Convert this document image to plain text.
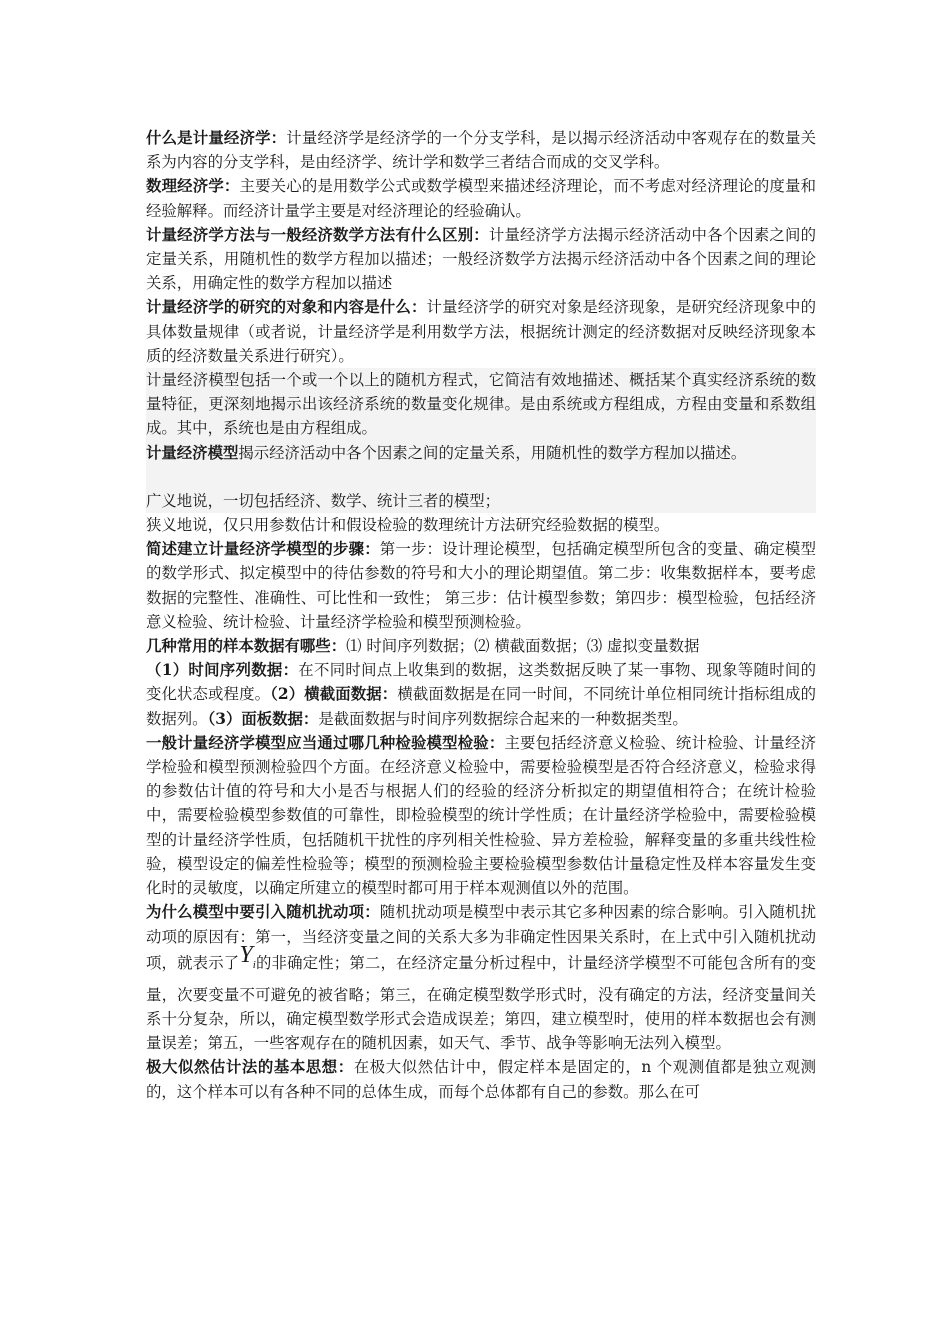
什么是计量经济学：计量经济学是经济学的一个分支学科，是以揭示经济活动中客观存在的数量关系为内容的分支学科，是由经济学、统计学和数学三者结合而成的交叉学科。

数理经济学：主要关心的是用数学公式或数学模型来描述经济理论，而不考虑对经济理论的度量和经验解释。而经济计量学主要是对经济理论的经验确认。

计量经济学方法与一般经济数学方法有什么区别：计量经济学方法揭示经济活动中各个因素之间的定量关系，用随机性的数学方程加以描述；一般经济数学方法揭示经济活动中各个因素之间的理论关系，用确定性的数学方程加以描述

计量经济学的研究的对象和内容是什么：计量经济学的研究对象是经济现象，是研究经济现象中的具体数量规律（或者说，计量经济学是利用数学方法，根据统计测定的经济数据对反映经济现象本质的经济数量关系进行研究）。

计量经济模型包括一个或一个以上的随机方程式，它简洁有效地描述、概括某个真实经济系统的数量特征，更深刻地揭示出该经济系统的数量变化规律。是由系统或方程组成，方程由变量和系数组成。其中，系统也是由方程组成。

计量经济模型揭示经济活动中各个因素之间的定量关系，用随机性的数学方程加以描述。

广义地说，一切包括经济、数学、统计三者的模型；

狭义地说，仅只用参数估计和假设检验的数理统计方法研究经验数据的模型。

简述建立计量经济学模型的步骤：第一步：设计理论模型，包括确定模型所包含的变量、确定模型的数学形式、拟定模型中的待估参数的符号和大小的理论期望值。第二步：收集数据样本，要考虑数据的完整性、准确性、可比性和一致性； 第三步：估计模型参数；第四步：模型检验，包括经济意义检验、统计检验、计量经济学检验和模型预测检验。

几种常用的样本数据有哪些：⑴ 时间序列数据；⑵ 横截面数据；⑶ 虚拟变量数据
（1）时间序列数据：在不同时间点上收集到的数据，这类数据反映了某一事物、现象等随时间的变化状态或程度。（2）横截面数据：横截面数据是在同一时间，不同统计单位相同统计指标组成的数据列。（3）面板数据：是截面数据与时间序列数据综合起来的一种数据类型。

一般计量经济学模型应当通过哪几种检验模型检验：主要包括经济意义检验、统计检验、计量经济学检验和模型预测检验四个方面。在经济意义检验中，需要检验模型是否符合经济意义，检验求得的参数估计值的符号和大小是否与根据人们的经验的经济分析拟定的期望值相符合；在统计检验中，需要检验模型参数值的可靠性，即检验模型的统计学性质；在计量经济学检验中，需要检验模型的计量经济学性质，包括随机干扰性的序列相关性检验、异方差检验，解释变量的多重共线性检验，模型设定的偏差性检验等；模型的预测检验主要检验模型参数估计量稳定性及样本容量发生变化时的灵敏度，以确定所建立的模型时都可用于样本观测值以外的范围。

为什么模型中要引入随机扰动项：随机扰动项是模型中表示其它多种因素的综合影响。引入随机扰动项的原因有：第一，当经济变量之间的关系大多为非确定性因果关系时，在上式中引入随机扰动项，就表示了$Y_i$的非确定性；第二，在经济定量分析过程中，计量经济学模型不可能包含所有的变量，次要变量不可避免的被省略；第三，在确定模型数学形式时，没有确定的方法，经济变量间关系十分复杂，所以，确定模型数学形式会造成误差；第四，建立模型时，使用的样本数据也会有测量误差；第五，一些客观存在的随机因素，如天气、季节、战争等影响无法列入模型。

极大似然估计法的基本思想：在极大似然估计中，假定样本是固定的，n 个观测值都是独立观测的，这个样本可以有各种不同的总体生成，而每个总体都有自己的参数。那么在可
